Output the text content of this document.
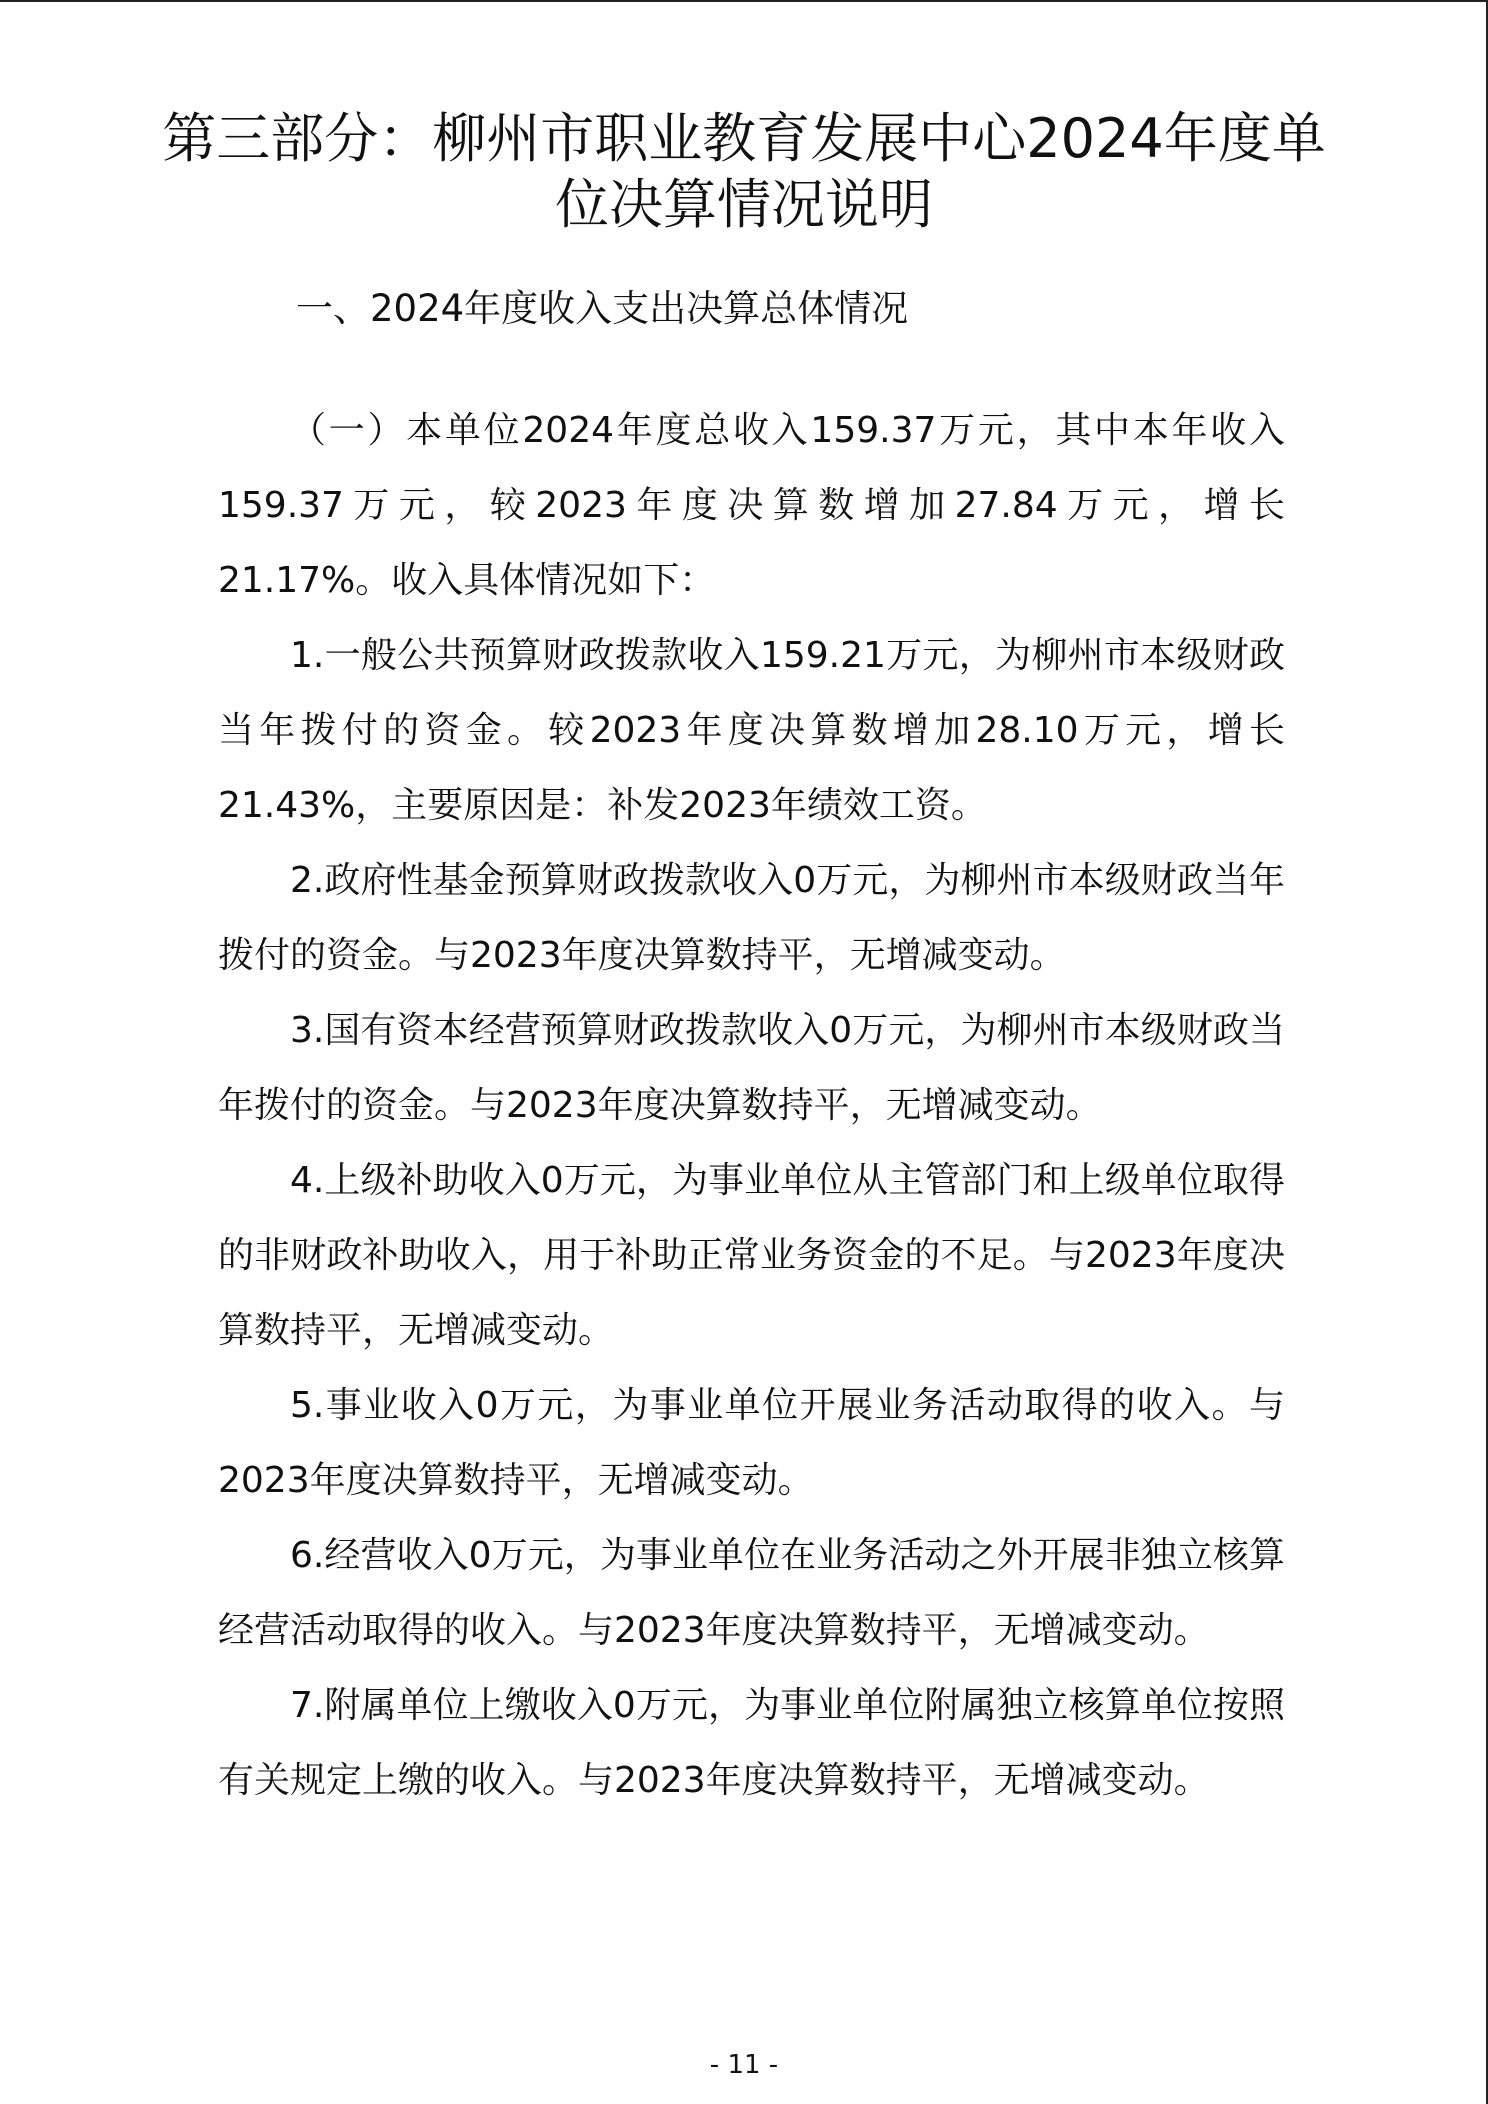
第三部分：柳州市职业教育发展中心2024年度单位决算情况说明
一、2024年度收入支出决算总体情况

（一）本单位2024年度总收入159.37万元，其中本年收入159.37万元，较2023年度决算数增加27.84万元，增长21.17%。收入具体情况如下：

1.一般公共预算财政拨款收入159.21万元，为柳州市本级财政当年拨付的资金。较2023年度决算数增加28.10万元，增长21.43%，主要原因是：补发2023年绩效工资。

2.政府性基金预算财政拨款收入0万元，为柳州市本级财政当年拨付的资金。与2023年度决算数持平，无增减变动。

3.国有资本经营预算财政拨款收入0万元，为柳州市本级财政当年拨付的资金。与2023年度决算数持平，无增减变动。

4.上级补助收入0万元，为事业单位从主管部门和上级单位取得的非财政补助收入，用于补助正常业务资金的不足。与2023年度决算数持平，无增减变动。

5.事业收入0万元，为事业单位开展业务活动取得的收入。与2023年度决算数持平，无增减变动。

6.经营收入0万元，为事业单位在业务活动之外开展非独立核算经营活动取得的收入。与2023年度决算数持平，无增减变动。

7.附属单位上缴收入0万元，为事业单位附属独立核算单位按照有关规定上缴的收入。与2023年度决算数持平，无增减变动。

- 11 -
